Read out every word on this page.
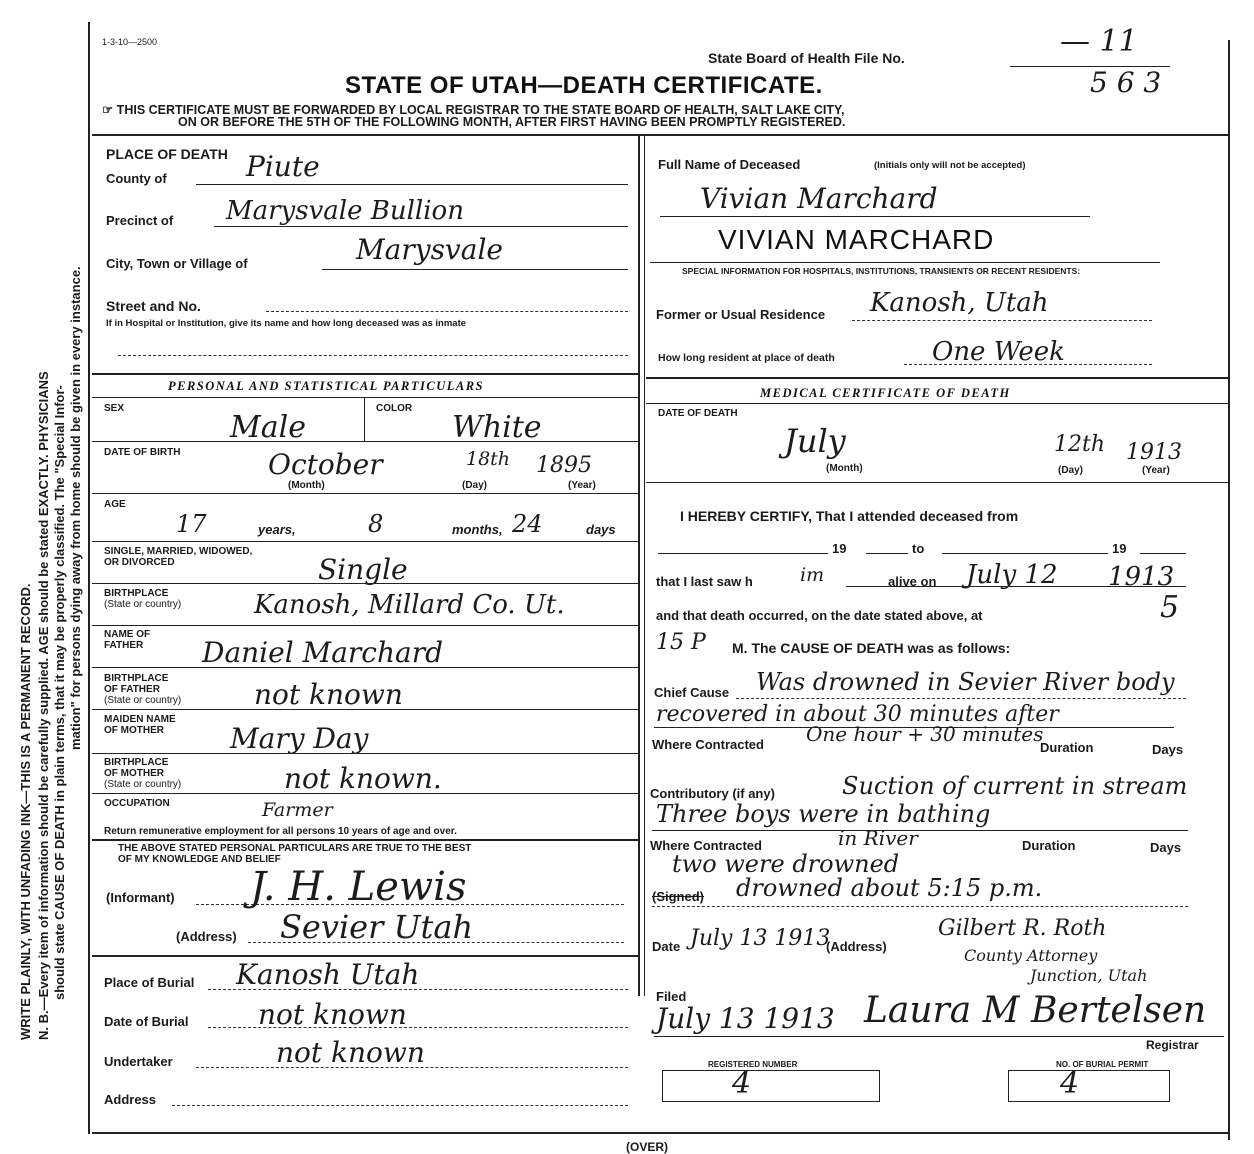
WRITE PLAINLY, WITH UNFADING INK—THIS IS A PERMANENT RECORD. N. B.—Every item of information should be carefully supplied. AGE should be stated EXACTLY. PHYSICIANS should state CAUSE OF DEATH in plain terms, that it may be properly classified. The "Special Infor- mation" for persons dying away from home should be given in every instance.
1-3-10—2500
State Board of Health File No.	— 11
STATE OF UTAH—DEATH CERTIFICATE.	5 6 3
☞ THIS CERTIFICATE MUST BE FORWARDED BY LOCAL REGISTRAR TO THE STATE BOARD OF HEALTH, SALT LAKE CITY,
ON OR BEFORE THE 5TH OF THE FOLLOWING MONTH, AFTER FIRST HAVING BEEN PROMPTLY REGISTERED.
PLACE OF DEATH
County of	Piute
Precinct of Marysvale Bullion
City, Town or Village of	Marysvale
Street and No.
If in Hospital or Institution, give its name and how long deceased was as inmate
Full Name of Deceased	(Initials only will not be accepted)
Vivian Marchard
VIVIAN MARCHARD
SPECIAL INFORMATION FOR HOSPITALS, INSTITUTIONS, TRANSIENTS OR RECENT RESIDENTS:
Former or Usual Residence Kanosh, Utah
How long resident at place of death	One Week
PERSONAL AND STATISTICAL PARTICULARS
SEX
Male
COLOR
White
DATE OF BIRTH	October	18th 1895
(Month)	(Day)	(Year)
AGE
17	years,	8	months, 24	days
SINGLE, MARRIED, WIDOWED, OR DIVORCED	Single
BIRTHPLACE
(State or country)	Kanosh, Millard Co. Ut.
NAME OF
FATHER Daniel Marchard
BIRTHPLACE
OF FATHER
(State or country)	not known
MAIDEN NAME
OF MOTHER Mary Day
BIRTHPLACE
OF MOTHER
(State or country)	not known.
OCCUPATION	Farmer
Return remunerative employment for all persons 10 years of age and over.
THE ABOVE STATED PERSONAL PARTICULARS ARE TRUE TO THE BEST
OF MY KNOWLEDGE AND BELIEF
(Informant) J. H. Lewis
(Address) Sevier Utah
Place of Burial Kanosh Utah
Date of Burial not known
Undertaker	not known
Address
MEDICAL CERTIFICATE OF DEATH
DATE OF DEATH
July	12th 1913
(Month)	(Day)	(Year)
I HEREBY CERTIFY, That I attended deceased from
19	to	19
that I last saw h im	alive on July 12 1913
and that death occurred, on the date stated above, at	5
15 P M. The CAUSE OF DEATH was as follows:
Chief Cause Was drowned in Sevier River body
recovered in about 30 minutes after
Where Contracted One hour + 30 minutes
Duration	Days
Contributory (if any)	Suction of current in stream
Three boys were in bathing
Where Contracted	in River	Duration	Days
two were drowned
(Signed) drowned about 5:15 p.m.
Date July 13 1913
(Address)
Gilbert R. Roth
County Attorney
Junction, Utah
Filed
July 13 1913 Laura M Bertelsen
Registrar
REGISTERED NUMBER
4
NO. OF BURIAL PERMIT
4
(OVER)
